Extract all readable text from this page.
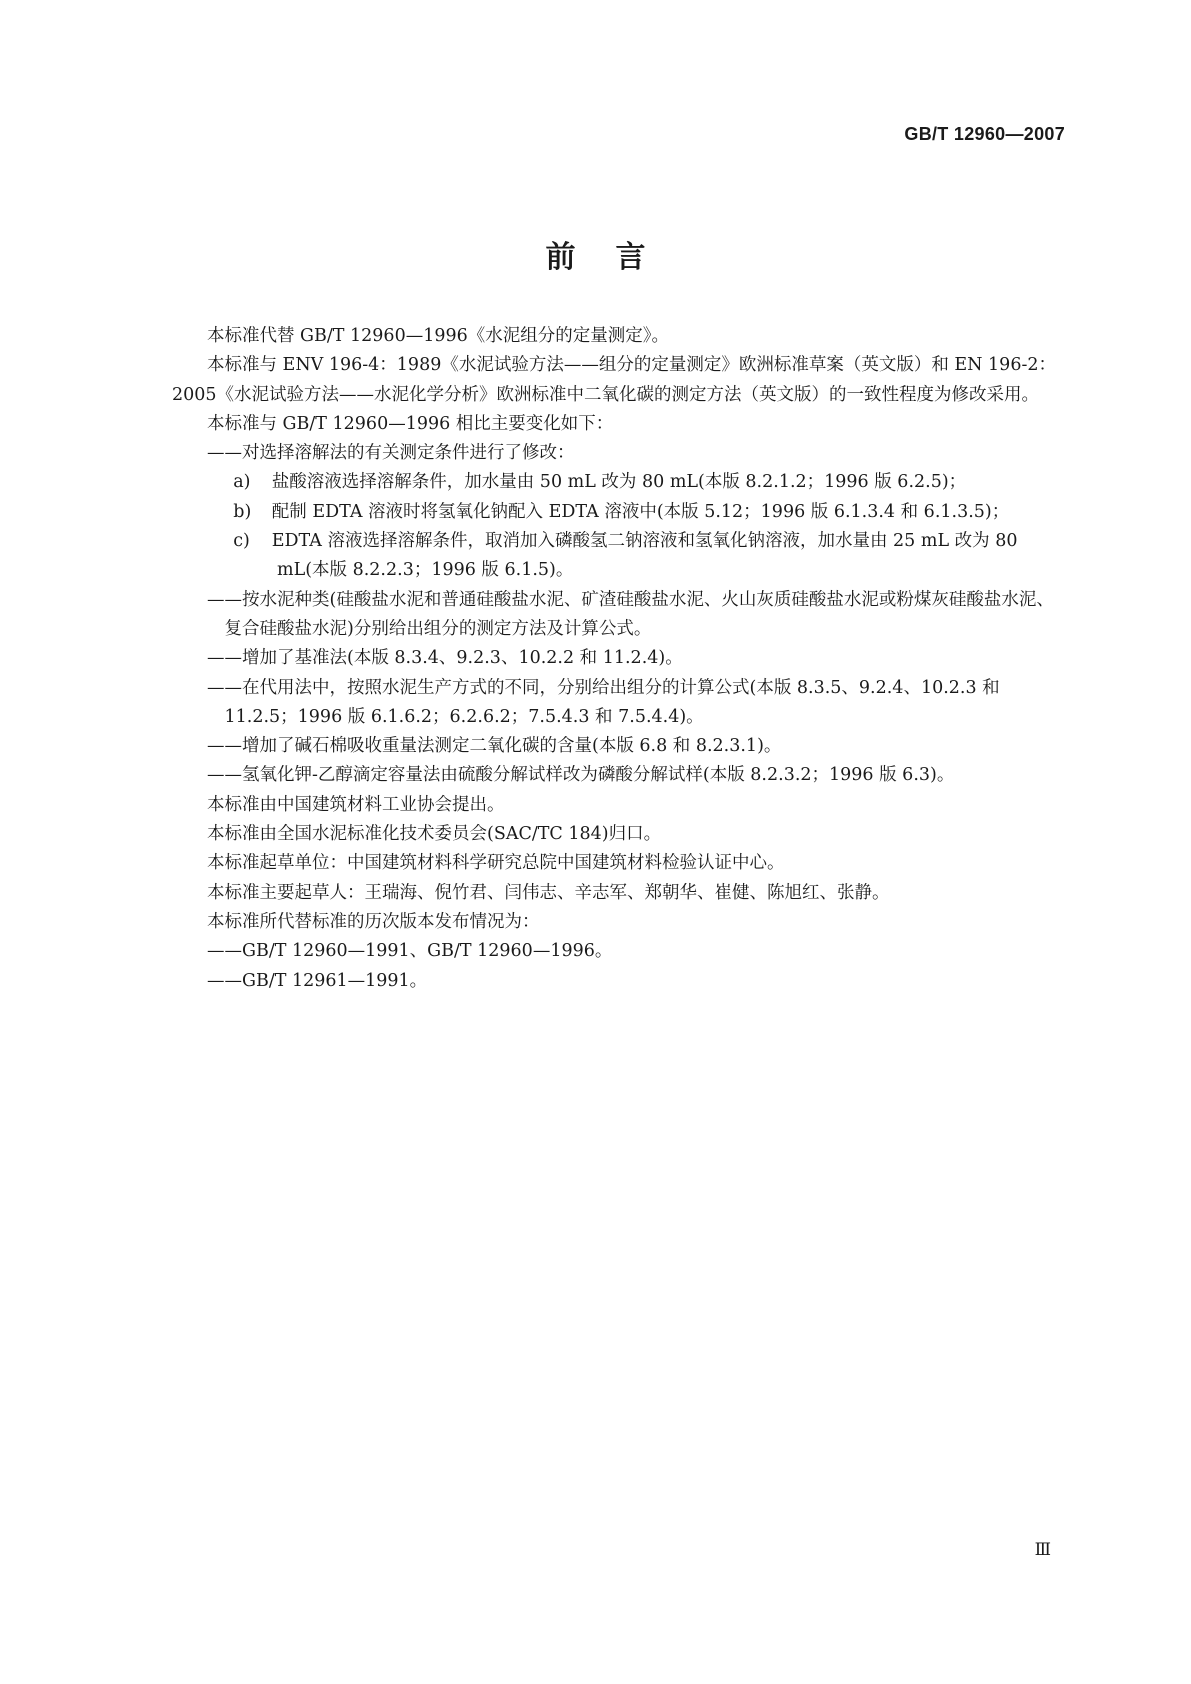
GB/T 12960—2007
前言

本标准代替 GB/T 12960—1996《水泥组分的定量测定》。

本标准与 ENV 196-4：1989《水泥试验方法——组分的定量测定》欧洲标准草案（英文版）和 EN 196-2：2005《水泥试验方法——水泥化学分析》欧洲标准中二氧化碳的测定方法（英文版）的一致性程度为修改采用。

本标准与 GB/T 12960—1996 相比主要变化如下：

——对选择溶解法的有关测定条件进行了修改：

a) 盐酸溶液选择溶解条件，加水量由 50 mL 改为 80 mL(本版 8.2.1.2；1996 版 6.2.5)；

b) 配制 EDTA 溶液时将氢氧化钠配入 EDTA 溶液中(本版 5.12；1996 版 6.1.3.4 和 6.1.3.5)；

c) EDTA 溶液选择溶解条件，取消加入磷酸氢二钠溶液和氢氧化钠溶液，加水量由 25 mL 改为 80 mL(本版 8.2.2.3；1996 版 6.1.5)。

——按水泥种类(硅酸盐水泥和普通硅酸盐水泥、矿渣硅酸盐水泥、火山灰质硅酸盐水泥或粉煤灰硅酸盐水泥、复合硅酸盐水泥)分别给出组分的测定方法及计算公式。

——增加了基准法(本版 8.3.4、9.2.3、10.2.2 和 11.2.4)。

——在代用法中，按照水泥生产方式的不同，分别给出组分的计算公式(本版 8.3.5、9.2.4、10.2.3 和 11.2.5；1996 版 6.1.6.2；6.2.6.2；7.5.4.3 和 7.5.4.4)。

——增加了碱石棉吸收重量法测定二氧化碳的含量(本版 6.8 和 8.2.3.1)。

——氢氧化钾-乙醇滴定容量法由硫酸分解试样改为磷酸分解试样(本版 8.2.3.2；1996 版 6.3)。

本标准由中国建筑材料工业协会提出。

本标准由全国水泥标准化技术委员会(SAC/TC 184)归口。

本标准起草单位：中国建筑材料科学研究总院中国建筑材料检验认证中心。

本标准主要起草人：王瑞海、倪竹君、闫伟志、辛志军、郑朝华、崔健、陈旭红、张静。

本标准所代替标准的历次版本发布情况为：

——GB/T 12960—1991、GB/T 12960—1996。

——GB/T 12961—1991。

Ⅲ
